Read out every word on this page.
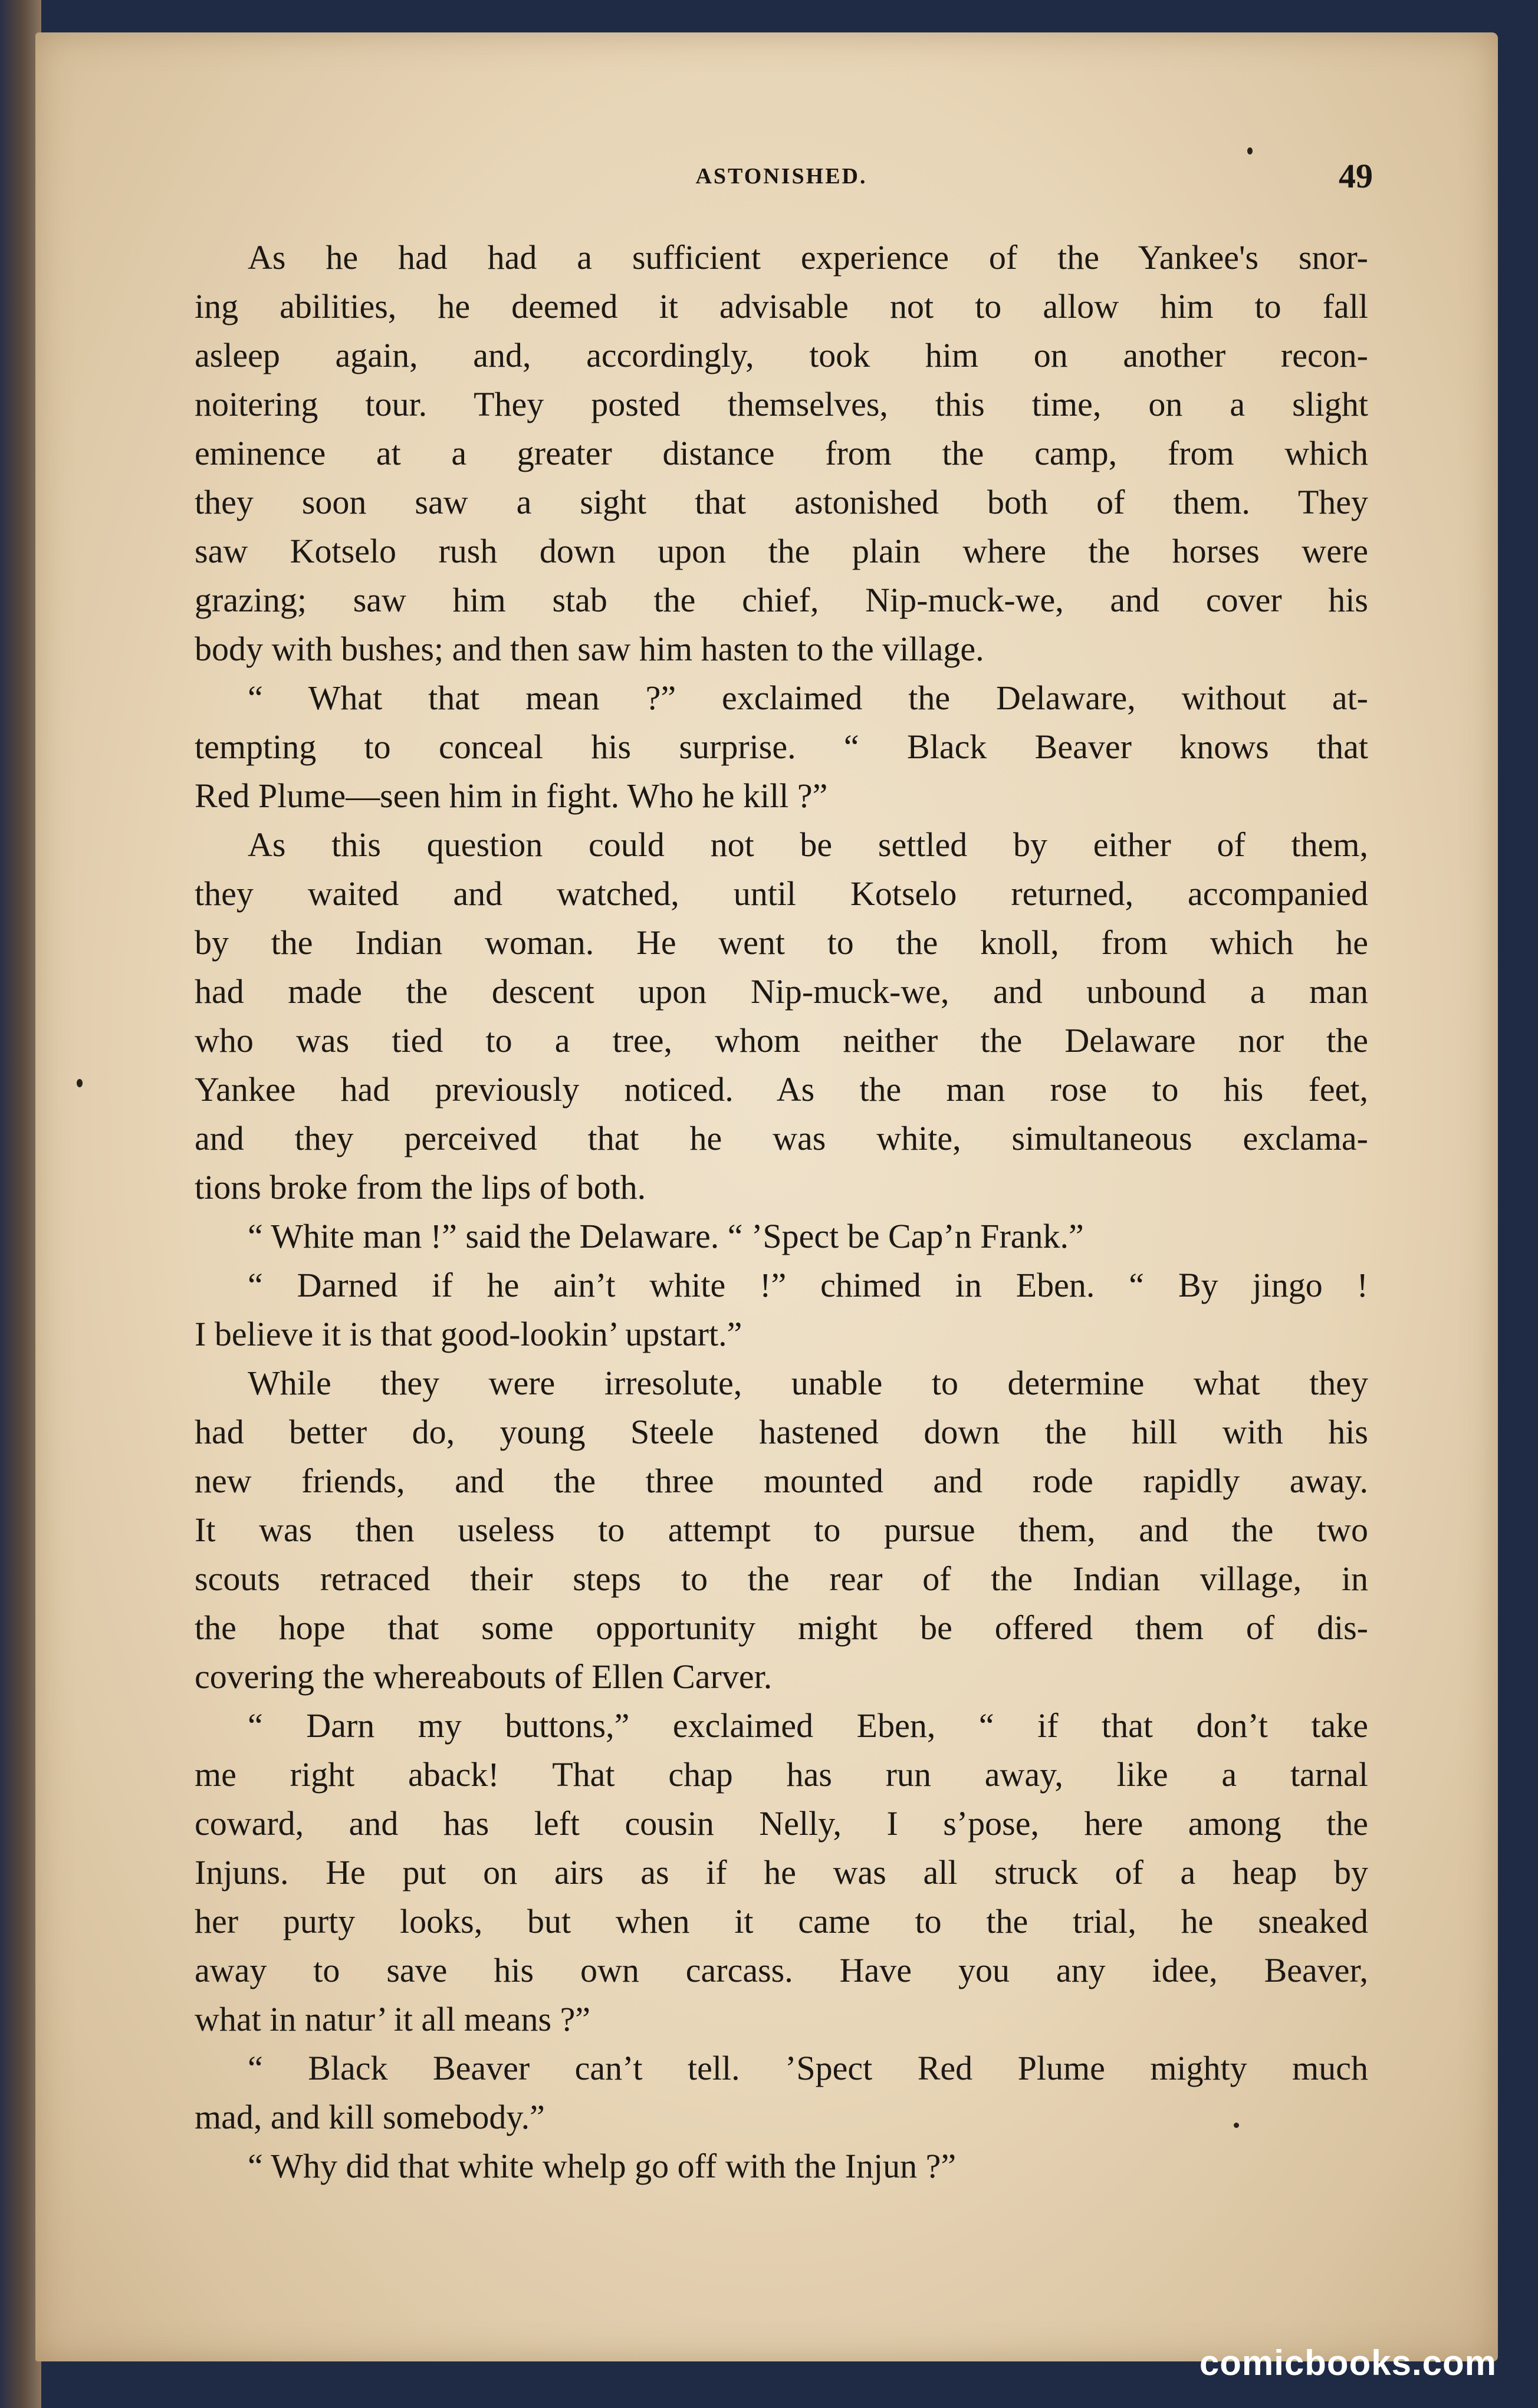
ASTONISHED.	49
As he had had a sufficient experience of the Yankee's snor-
ing abilities, he deemed it advisable not to allow him to fall
asleep again, and, accordingly, took him on another recon-
noitering tour. They posted themselves, this time, on a slight
eminence at a greater distance from the camp, from which
they soon saw a sight that astonished both of them. They
saw Kotselo rush down upon the plain where the horses were
grazing; saw him stab the chief, Nip-muck-we, and cover his
body with bushes; and then saw him hasten to the village.
“ What that mean ?” exclaimed the Delaware, without at-
tempting to conceal his surprise. “ Black Beaver knows that
Red Plume—seen him in fight. Who he kill ?”
As this question could not be settled by either of them,
they waited and watched, until Kotselo returned, accompanied
by the Indian woman. He went to the knoll, from which he
had made the descent upon Nip-muck-we, and unbound a man
who was tied to a tree, whom neither the Delaware nor the
Yankee had previously noticed. As the man rose to his feet,
and they perceived that he was white, simultaneous exclama-
tions broke from the lips of both.
“ White man !” said the Delaware. “ ’Spect be Cap’n Frank.”
“ Darned if he ain’t white !” chimed in Eben. “ By jingo !
I believe it is that good-lookin’ upstart.”
While they were irresolute, unable to determine what they
had better do, young Steele hastened down the hill with his
new friends, and the three mounted and rode rapidly away.
It was then useless to attempt to pursue them, and the two
scouts retraced their steps to the rear of the Indian village, in
the hope that some opportunity might be offered them of dis-
covering the whereabouts of Ellen Carver.
“ Darn my buttons,” exclaimed Eben, “ if that don’t take
me right aback! That chap has run away, like a tarnal
coward, and has left cousin Nelly, I s’pose, here among the
Injuns. He put on airs as if he was all struck of a heap by
her purty looks, but when it came to the trial, he sneaked
away to save his own carcass. Have you any idee, Beaver,
what in natur’ it all means ?”
“ Black Beaver can’t tell. ’Spect Red Plume mighty much
mad, and kill somebody.”
“ Why did that white whelp go off with the Injun ?”
comicbooks.com
